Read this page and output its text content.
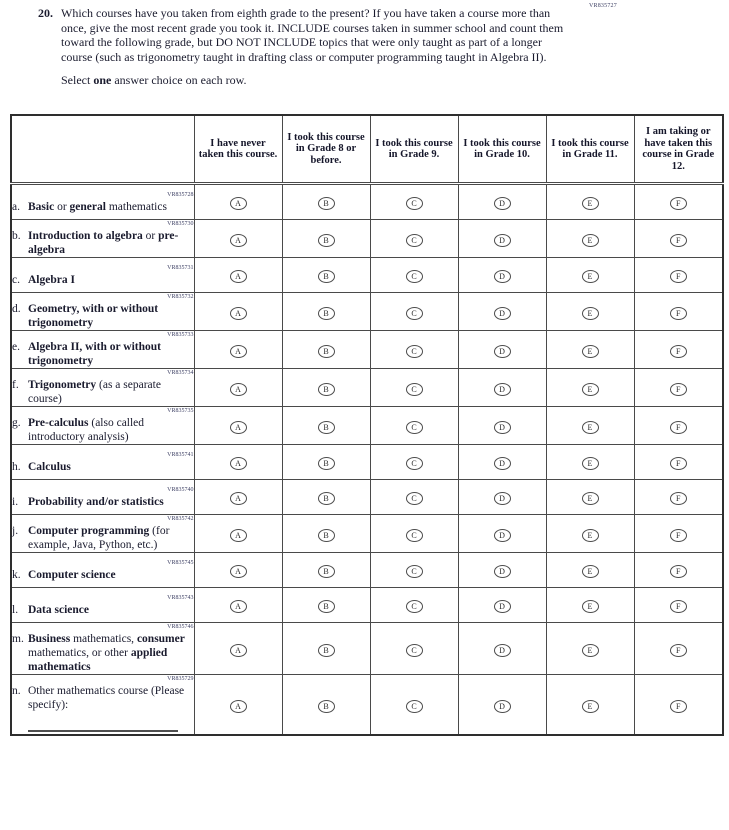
VR835727
20. Which courses have you taken from eighth grade to the present? If you have taken a course more than once, give the most recent grade you took it. INCLUDE courses taken in summer school and count them toward the following grade, but DO NOT INCLUDE topics that were only taught as part of a longer course (such as trigonometry taught in drafting class or computer programming taught in Algebra II).
Select one answer choice on each row.
	I have never taken this course.	I took this course in Grade 8 or before.	I took this course in Grade 9.	I took this course in Grade 10.	I took this course in Grade 11.	I am taking or have taken this course in Grade 12.

VR835728
a. Basic or general mathematics	A	B	C	D	E	F

VR835730
b. Introduction to algebra or pre-algebra	A	B	C	D	E	F

VR835731
c. Algebra I	A	B	C	D	E	F

VR835732
d. Geometry, with or without trigonometry	A	B	C	D	E	F

VR835733
e. Algebra II, with or without trigonometry	A	B	C	D	E	F

VR835734
f. Trigonometry (as a separate course)	A	B	C	D	E	F

VR835735
g. Pre-calculus (also called introductory analysis)	A	B	C	D	E	F

VR835741
h. Calculus	A	B	C	D	E	F

VR835740
i. Probability and/or statistics	A	B	C	D	E	F

VR835742
j. Computer programming (for example, Java, Python, etc.)	A	B	C	D	E	F

VR835745
k. Computer science	A	B	C	D	E	F

VR835743
l. Data science	A	B	C	D	E	F

VR835746
m. Business mathematics, consumer mathematics, or other applied mathematics	A	B	C	D	E	F

VR835729
n. Other mathematics course (Please specify):	A	B	C	D	E	F
